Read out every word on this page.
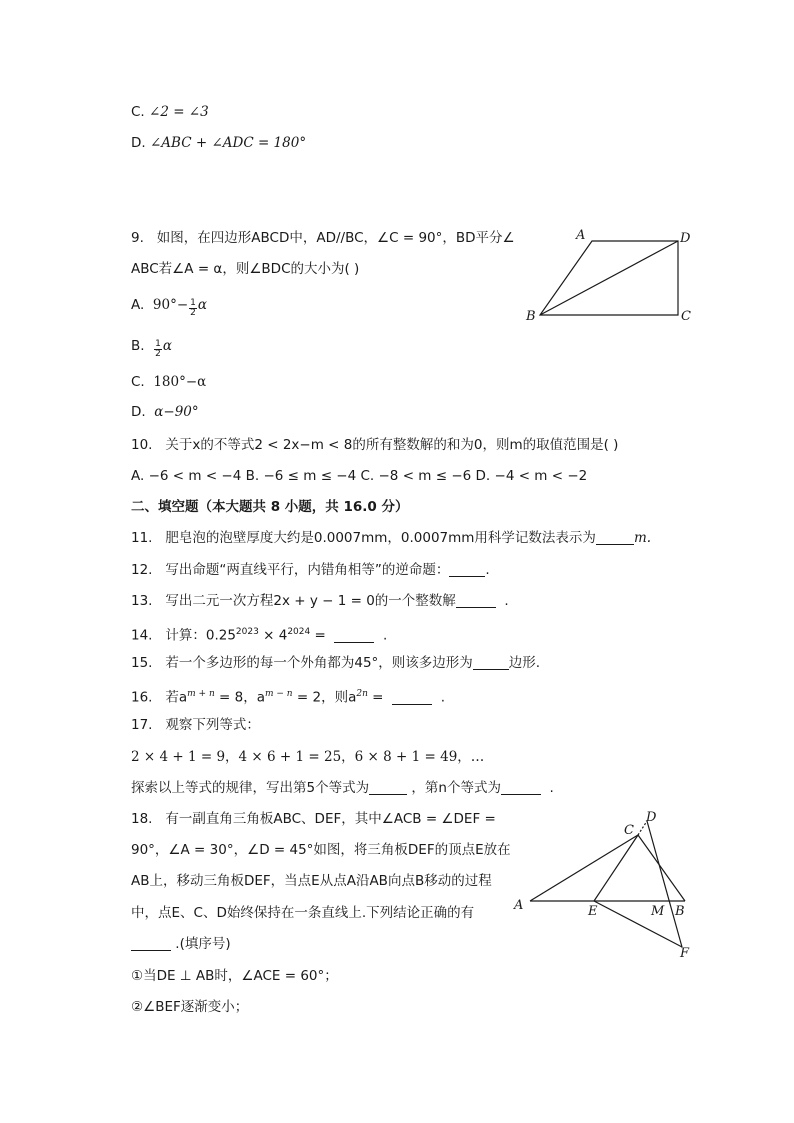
C. ∠2 = ∠3
D. ∠ABC + ∠ADC = 180°
9. 如图，在四边形ABCD中，AD//BC，∠C = 90°，BD平分∠
ABC若∠A = α，则∠BDC的大小为( )
A. $90^\circ- \frac{1}{2}$ α
B. $\frac{1}{2}$ α
C. 180°−α
D. α−90°
A	D
B	C
10. 关于x的不等式2 < 2x−m < 8的所有整数解的和为0，则m的取值范围是( )
A. −6 < m < −4 B. −6 ≤ m ≤ −4 C. −8 < m ≤ −6 D. −4 < m < −2
二、填空题（本大题共 8 小题，共 16.0 分）
11. 肥皂泡的泡壁厚度大约是0.0007mm，0.0007mm用科学记数法表示为	m.
12. 写出命题“两直线平行，内错角相等”的逆命题：	.
13. 写出二元一次方程2x + y − 1 = 0的一个整数解	.
14. 计算：$0.25^{2023} \times 4^{2024}$ =	.
15. 若一个多边形的每一个外角都为45°，则该多边形为	边形.
16. 若$a^{m + n} = 8$，$a^{m - n} = 2$，则$a^{2n}$ =	.
17. 观察下列等式：
2 × 4 + 1 = 9，4 × 6 + 1 = 25，6 × 8 + 1 = 49，…
探索以上等式的规律，写出第5个等式为	，第n个等式为	.
18. 有一副直角三角板ABC、DEF，其中∠ACB = ∠DEF =
90°，∠A = 30°，∠D = 45°如图，将三角板DEF的顶点E放在
AB上，移动三角板DEF，当点E从点A沿AB向点B移动的过程
中，点E、C、D始终保持在一条直线上.下列结论正确的有
.(填序号)
①当DE ⊥ AB时，∠ACE = 60°；
②∠BEF逐渐变小；
A	B
C
D
E
F
M
